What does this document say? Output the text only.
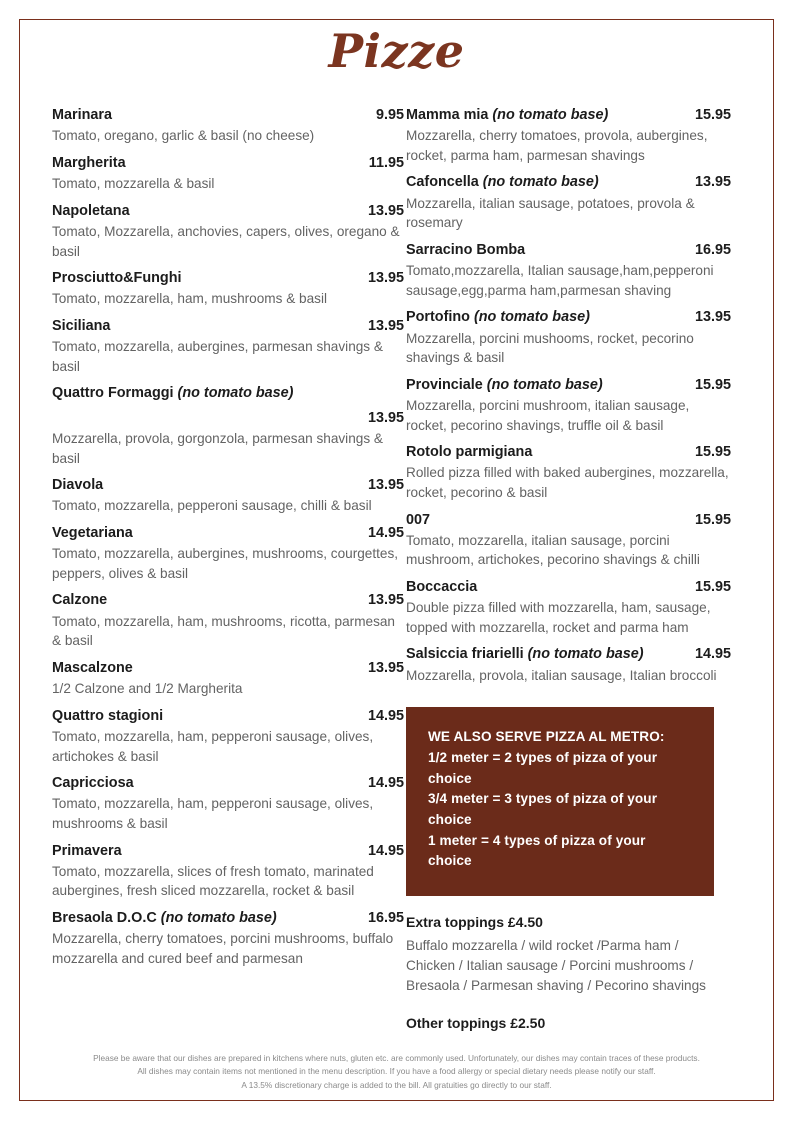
Pizze
Marinara	9.95
Tomato, oregano, garlic & basil (no cheese)
Margherita	11.95
Tomato, mozzarella & basil
Napoletana	13.95
Tomato, Mozzarella, anchovies, capers, olives, oregano & basil
Prosciutto&Funghi	13.95
Tomato, mozzarella, ham, mushrooms & basil
Siciliana	13.95
Tomato, mozzarella, aubergines, parmesan shavings & basil
Quattro Formaggi (no tomato base)
13.95
Mozzarella, provola, gorgonzola, parmesan shavings & basil
Diavola	13.95
Tomato, mozzarella, pepperoni sausage, chilli & basil
Vegetariana	14.95
Tomato, mozzarella, aubergines, mushrooms, courgettes, peppers, olives & basil
Calzone	13.95
Tomato, mozzarella, ham, mushrooms, ricotta, parmesan & basil
Mascalzone	13.95
1/2 Calzone and 1/2 Margherita
Quattro stagioni	14.95
Tomato, mozzarella, ham, pepperoni sausage, olives, artichokes & basil
Capricciosa	14.95
Tomato, mozzarella, ham, pepperoni sausage, olives, mushrooms & basil
Primavera	14.95
Tomato, mozzarella, slices of fresh tomato, marinated aubergines, fresh sliced mozzarella, rocket & basil
Bresaola D.O.C (no tomato base)	16.95
Mozzarella, cherry tomatoes, porcini mushrooms, buffalo mozzarella and cured beef and parmesan
Mamma mia (no tomato base)	15.95
Mozzarella, cherry tomatoes, provola, aubergines, rocket, parma ham, parmesan shavings
Cafoncella (no tomato base)	13.95
Mozzarella, italian sausage, potatoes, provola & rosemary
Sarracino Bomba	16.95
Tomato,mozzarella, Italian sausage,ham,pepperoni sausage,egg,parma ham,parmesan shaving
Portofino (no tomato base)	13.95
Mozzarella, porcini mushooms, rocket, pecorino shavings & basil
Provinciale (no tomato base)	15.95
Mozzarella, porcini mushroom, italian sausage, rocket, pecorino shavings, truffle oil & basil
Rotolo parmigiana	15.95
Rolled pizza filled with baked aubergines, mozzarella, rocket, pecorino & basil
007	15.95
Tomato, mozzarella, italian sausage, porcini mushroom, artichokes, pecorino shavings & chilli
Boccaccia	15.95
Double pizza filled with mozzarella, ham, sausage, topped with mozzarella, rocket and parma ham
Salsiccia friarielli (no tomato base)	14.95
Mozzarella, provola, italian sausage, Italian broccoli
WE ALSO SERVE PIZZA AL METRO:
1/2 meter = 2 types of pizza of your choice
3/4 meter = 3 types of pizza of your choice
1 meter = 4 types of pizza of your choice
Extra toppings £4.50
Buffalo mozzarella / wild rocket /Parma ham / Chicken / Italian sausage / Porcini mushrooms / Bresaola / Parmesan shaving / Pecorino shavings
Other toppings £2.50
Please be aware that our dishes are prepared in kitchens where nuts, gluten etc. are commonly used. Unfortunately, our dishes may contain traces of these products.
All dishes may contain items not mentioned in the menu description. If you have a food allergy or special dietary needs please notify our staff.
A 13.5% discretionary charge is added to the bill. All gratuities go directly to our staff.
